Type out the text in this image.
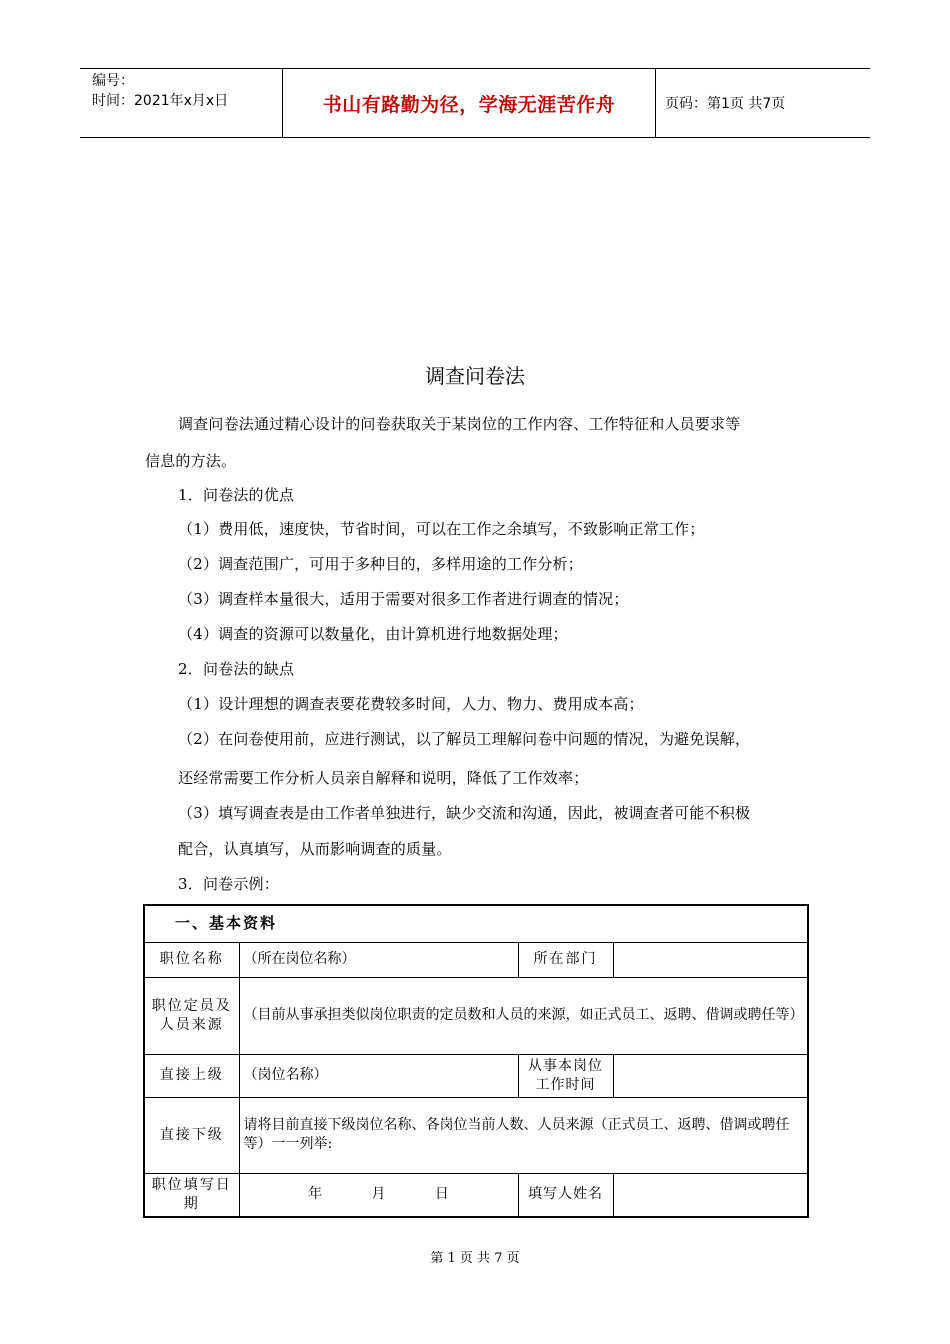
编号：
时间：2021年x月x日	书山有路勤为径，学海无涯苦作舟	页码：第1页 共7页
调查问卷法
调查问卷法通过精心设计的问卷获取关于某岗位的工作内容、工作特征和人员要求等
信息的方法。
1．问卷法的优点
（1）费用低，速度快，节省时间，可以在工作之余填写，不致影响正常工作；
（2）调查范围广，可用于多种目的，多样用途的工作分析；
（3）调查样本量很大，适用于需要对很多工作者进行调查的情况；
（4）调查的资源可以数量化，由计算机进行地数据处理；
2．问卷法的缺点
（1）设计理想的调查表要花费较多时间，人力、物力、费用成本高；
（2）在问卷使用前，应进行测试，以了解员工理解问卷中问题的情况，为避免误解，
还经常需要工作分析人员亲自解释和说明，降低了工作效率；
（3）填写调查表是由工作者单独进行，缺少交流和沟通，因此，被调查者可能不积极
配合，认真填写，从而影响调查的质量。
3．问卷示例：
一、基本资料			
职位名称	（所在岗位名称）	所在部门	
职位定员及人员来源	（目前从事承担类似岗位职责的定员数和人员的来源，如正式员工、返聘、借调或聘任等）		
直接上级	（岗位名称）	从事本岗位工作时间	
直接下级	请将目前直接下级岗位名称、各岗位当前人数、人员来源（正式员工、返聘、借调或聘任等）一一列举:		
职位填写日期	年 月 日	填写人姓名	
第 1 页 共 7 页
